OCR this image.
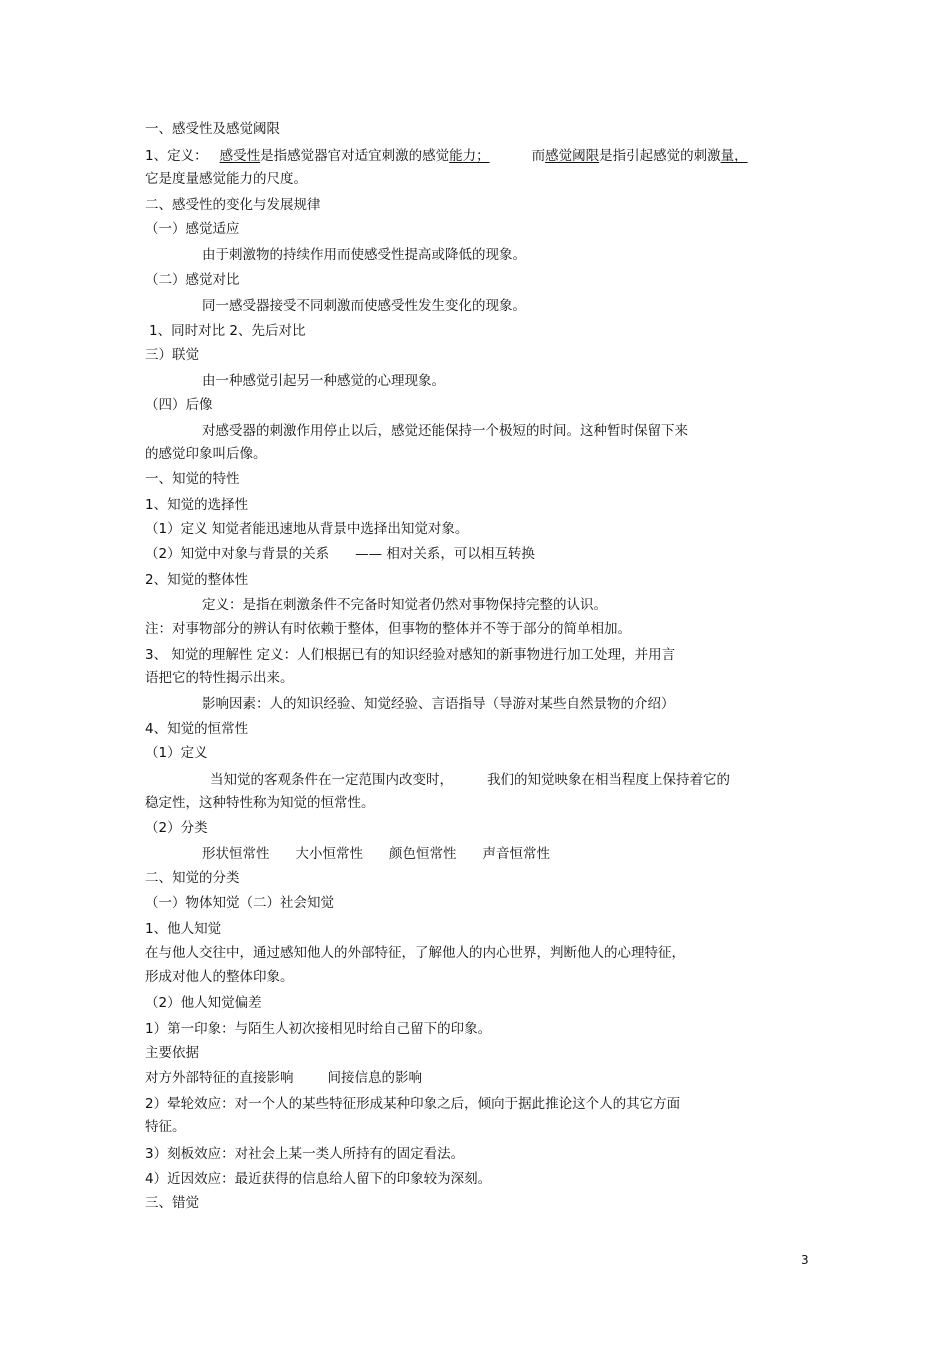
一、感受性及感觉阈限
1、定义： 感受性是指感觉器官对适宜刺激的感觉能力；	而感觉阈限是指引起感觉的刺激量，
它是度量感觉能力的尺度。
二、感受性的变化与发展规律
（一）感觉适应
由于刺激物的持续作用而使感受性提高或降低的现象。
（二）感觉对比
同一感受器接受不同刺激而使感受性发生变化的现象。
1、同时对比 2、先后对比
三）联觉
由一种感觉引起另一种感觉的心理现象。
（四）后像
对感受器的刺激作用停止以后，感觉还能保持一个极短的时间。这种暂时保留下来
的感觉印象叫后像。
一、知觉的特性
1、知觉的选择性
（1）定义 知觉者能迅速地从背景中选择出知觉对象。
（2）知觉中对象与背景的关系 —— 相对关系，可以相互转换
2、知觉的整体性
定义：是指在刺激条件不完备时知觉者仍然对事物保持完整的认识。
注：对事物部分的辨认有时依赖于整体，但事物的整体并不等于部分的简单相加。
3、 知觉的理解性 定义：人们根据已有的知识经验对感知的新事物进行加工处理，并用言
语把它的特性揭示出来。
影响因素：人的知识经验、知觉经验、言语指导（导游对某些自然景物的介绍）
4、知觉的恒常性
（1）定义
当知觉的客观条件在一定范围内改变时，	我们的知觉映象在相当程度上保持着它的
稳定性，这种特性称为知觉的恒常性。
（2）分类
形状恒常性 大小恒常性 颜色恒常性 声音恒常性
二、知觉的分类
（一）物体知觉（二）社会知觉
1、他人知觉
在与他人交往中，通过感知他人的外部特征，了解他人的内心世界，判断他人的心理特征，
形成对他人的整体印象。
（2）他人知觉偏差
1）第一印象：与陌生人初次接相见时给自己留下的印象。
主要依据
对方外部特征的直接影响	间接信息的影响
2）晕轮效应：对一个人的某些特征形成某种印象之后，倾向于据此推论这个人的其它方面
特征。
3）刻板效应：对社会上某一类人所持有的固定看法。
4）近因效应：最近获得的信息给人留下的印象较为深刻。
三、错觉
3
